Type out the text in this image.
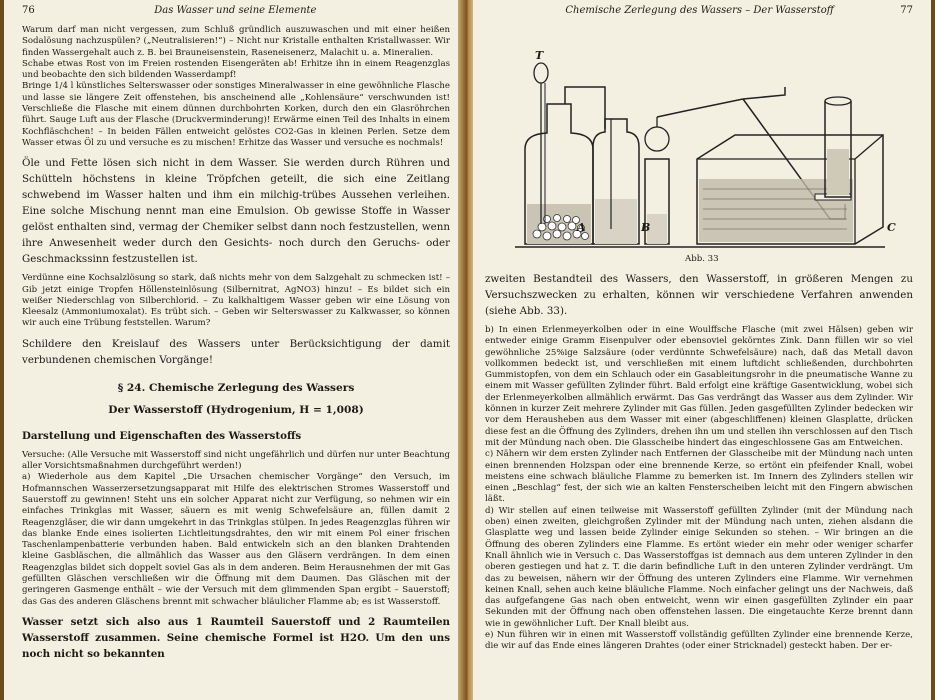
76	Das Wasser und seine Elemente

Warum darf man nicht vergessen, zum Schluß gründlich auszuwaschen und mit einer heißen Sodalösung nachzuspülen? („Neutralisieren!“) – Nicht nur Kristalle enthalten Kristallwasser. Wir finden Wassergehalt auch z. B. bei Brauneisenstein, Raseneisenerz, Malachit u. a. Mineralien.

Schabe etwas Rost von im Freien rostenden Eisengeräten ab! Erhitze ihn in einem Reagenzglas und beobachte den sich bildenden Wasserdampf!

Bringe 1/4 l künstliches Selterswasser oder sonstiges Mineralwasser in eine gewöhnliche Flasche und lasse sie längere Zeit offenstehen, bis anscheinend alle „Kohlensäure“ verschwunden ist! Verschließe die Flasche mit einem dünnen durchbohrten Korken, durch den ein Glasröhrchen führt. Sauge Luft aus der Flasche (Druckverminderung)! Erwärme einen Teil des Inhalts in einem Kochfläschchen! – In beiden Fällen entweicht gelöstes CO2-Gas in kleinen Perlen. Setze dem Wasser etwas Öl zu und versuche es zu mischen! Erhitze das Wasser und versuche es nochmals!

Öle und Fette lösen sich nicht in dem Wasser. Sie werden durch Rühren und Schütteln höchstens in kleine Tröpfchen geteilt, die sich eine Zeitlang schwebend im Wasser halten und ihm ein milchig-trübes Aussehen verleihen. Eine solche Mischung nennt man eine Emulsion. Ob gewisse Stoffe in Wasser gelöst enthalten sind, vermag der Chemiker selbst dann noch festzustellen, wenn ihre Anwesenheit weder durch den Gesichts- noch durch den Geruchs- oder Geschmackssinn festzustellen ist.

Verdünne eine Kochsalzlösung so stark, daß nichts mehr von dem Salzgehalt zu schmecken ist! – Gib jetzt einige Tropfen Höllensteinlösung (Silbernitrat, AgNO3) hinzu! – Es bildet sich ein weißer Niederschlag von Silberchlorid. – Zu kalkhaltigem Wasser geben wir eine Lösung von Kleesalz (Ammoniumoxalat). Es trübt sich. – Geben wir Selterswasser zu Kalkwasser, so können wir auch eine Trübung feststellen. Warum?

Schildere den Kreislauf des Wassers unter Berücksichtigung der damit verbundenen chemischen Vorgänge!

§ 24. Chemische Zerlegung des Wassers
Der Wasserstoff (Hydrogenium, H = 1,008)
Darstellung und Eigenschaften des Wasserstoffs

Versuche: (Alle Versuche mit Wasserstoff sind nicht ungefährlich und dürfen nur unter Beachtung aller Vorsichtsmaßnahmen durchgeführt werden!)

a) Wiederhole aus dem Kapitel „Die Ursachen chemischer Vorgänge“ den Versuch, im Hofmannschen Wasserzersetzungsapparat mit Hilfe des elektrischen Stromes Wasserstoff und Sauerstoff zu gewinnen! Steht uns ein solcher Apparat nicht zur Verfügung, so nehmen wir ein einfaches Trinkglas mit Wasser, säuern es mit wenig Schwefelsäure an, füllen damit 2 Reagenzgläser, die wir dann umgekehrt in das Trinkglas stülpen. In jedes Reagenzglas führen wir das blanke Ende eines isolierten Lichtleitungsdrahtes, den wir mit einem Pol einer frischen Taschenlampenbatterie verbunden haben. Bald entwickeln sich an den blanken Drahtenden kleine Gasbläschen, die allmählich das Wasser aus den Gläsern verdrängen. In dem einen Reagenzglas bildet sich doppelt soviel Gas als in dem anderen. Beim Herausnehmen der mit Gas gefüllten Gläschen verschließen wir die Öffnung mit dem Daumen. Das Gläschen mit der geringeren Gasmenge enthält – wie der Versuch mit dem glimmenden Span ergibt – Sauerstoff; das Gas des anderen Gläschens brennt mit schwacher bläulicher Flamme ab; es ist Wasserstoff.

Wasser setzt sich also aus 1 Raumteil Sauerstoff und 2 Raumteilen Wasserstoff zusammen. Seine chemische Formel ist H2O. Um den uns noch nicht so bekannten

Chemische Zerlegung des Wassers – Der Wasserstoff	77
T
A	B	C
Abb. 33

zweiten Bestandteil des Wassers, den Wasserstoff, in größeren Mengen zu Versuchszwecken zu erhalten, können wir verschiedene Verfahren anwenden (siehe Abb. 33).

b) In einen Erlenmeyerkolben oder in eine Woulffsche Flasche (mit zwei Hälsen) geben wir entweder einige Gramm Eisenpulver oder ebensoviel gekörntes Zink. Dann füllen wir so viel gewöhnliche 25%ige Salzsäure (oder verdünnte Schwefelsäure) nach, daß das Metall davon vollkommen bedeckt ist, und verschließen mit einem luftdicht schließenden, durchbohrten Gummistopfen, von dem ein Schlauch oder ein Gasableitungsrohr in die pneumatische Wanne zu einem mit Wasser gefüllten Zylinder führt. Bald erfolgt eine kräftige Gasentwicklung, wobei sich der Erlenmeyerkolben allmählich erwärmt. Das Gas verdrängt das Wasser aus dem Zylinder. Wir können in kurzer Zeit mehrere Zylinder mit Gas füllen. Jeden gasgefüllten Zylinder bedecken wir vor dem Herausheben aus dem Wasser mit einer (abgeschliffenen) kleinen Glasplatte, drücken diese fest an die Öffnung des Zylinders, drehen ihn um und stellen ihn verschlossen auf den Tisch mit der Mündung nach oben. Die Glasscheibe hindert das eingeschlossene Gas am Entweichen.

c) Nähern wir dem ersten Zylinder nach Entfernen der Glasscheibe mit der Mündung nach unten einen brennenden Holzspan oder eine brennende Kerze, so ertönt ein pfeifender Knall, wobei meistens eine schwach bläuliche Flamme zu bemerken ist. Im Innern des Zylinders stellen wir einen „Beschlag“ fest, der sich wie an kalten Fensterscheiben leicht mit den Fingern abwischen läßt.

d) Wir stellen auf einen teilweise mit Wasserstoff gefüllten Zylinder (mit der Mündung nach oben) einen zweiten, gleichgroßen Zylinder mit der Mündung nach unten, ziehen alsdann die Glasplatte weg und lassen beide Zylinder einige Sekunden so stehen. – Wir bringen an die Öffnung des oberen Zylinders eine Flamme. Es ertönt wieder ein mehr oder weniger scharfer Knall ähnlich wie in Versuch c. Das Wasserstoffgas ist demnach aus dem unteren Zylinder in den oberen gestiegen und hat z. T. die darin befindliche Luft in den unteren Zylinder verdrängt. Um das zu beweisen, nähern wir der Öffnung des unteren Zylinders eine Flamme. Wir vernehmen keinen Knall, sehen auch keine bläuliche Flamme. Noch einfacher gelingt uns der Nachweis, daß das aufgefangene Gas nach oben entweicht, wenn wir einen gasgefüllten Zylinder ein paar Sekunden mit der Öffnung nach oben offenstehen lassen. Die eingetauchte Kerze brennt dann wie in gewöhnlicher Luft. Der Knall bleibt aus.

e) Nun führen wir in einen mit Wasserstoff vollständig gefüllten Zylinder eine brennende Kerze, die wir auf das Ende eines längeren Drahtes (oder einer Stricknadel) gesteckt haben. Der er-
